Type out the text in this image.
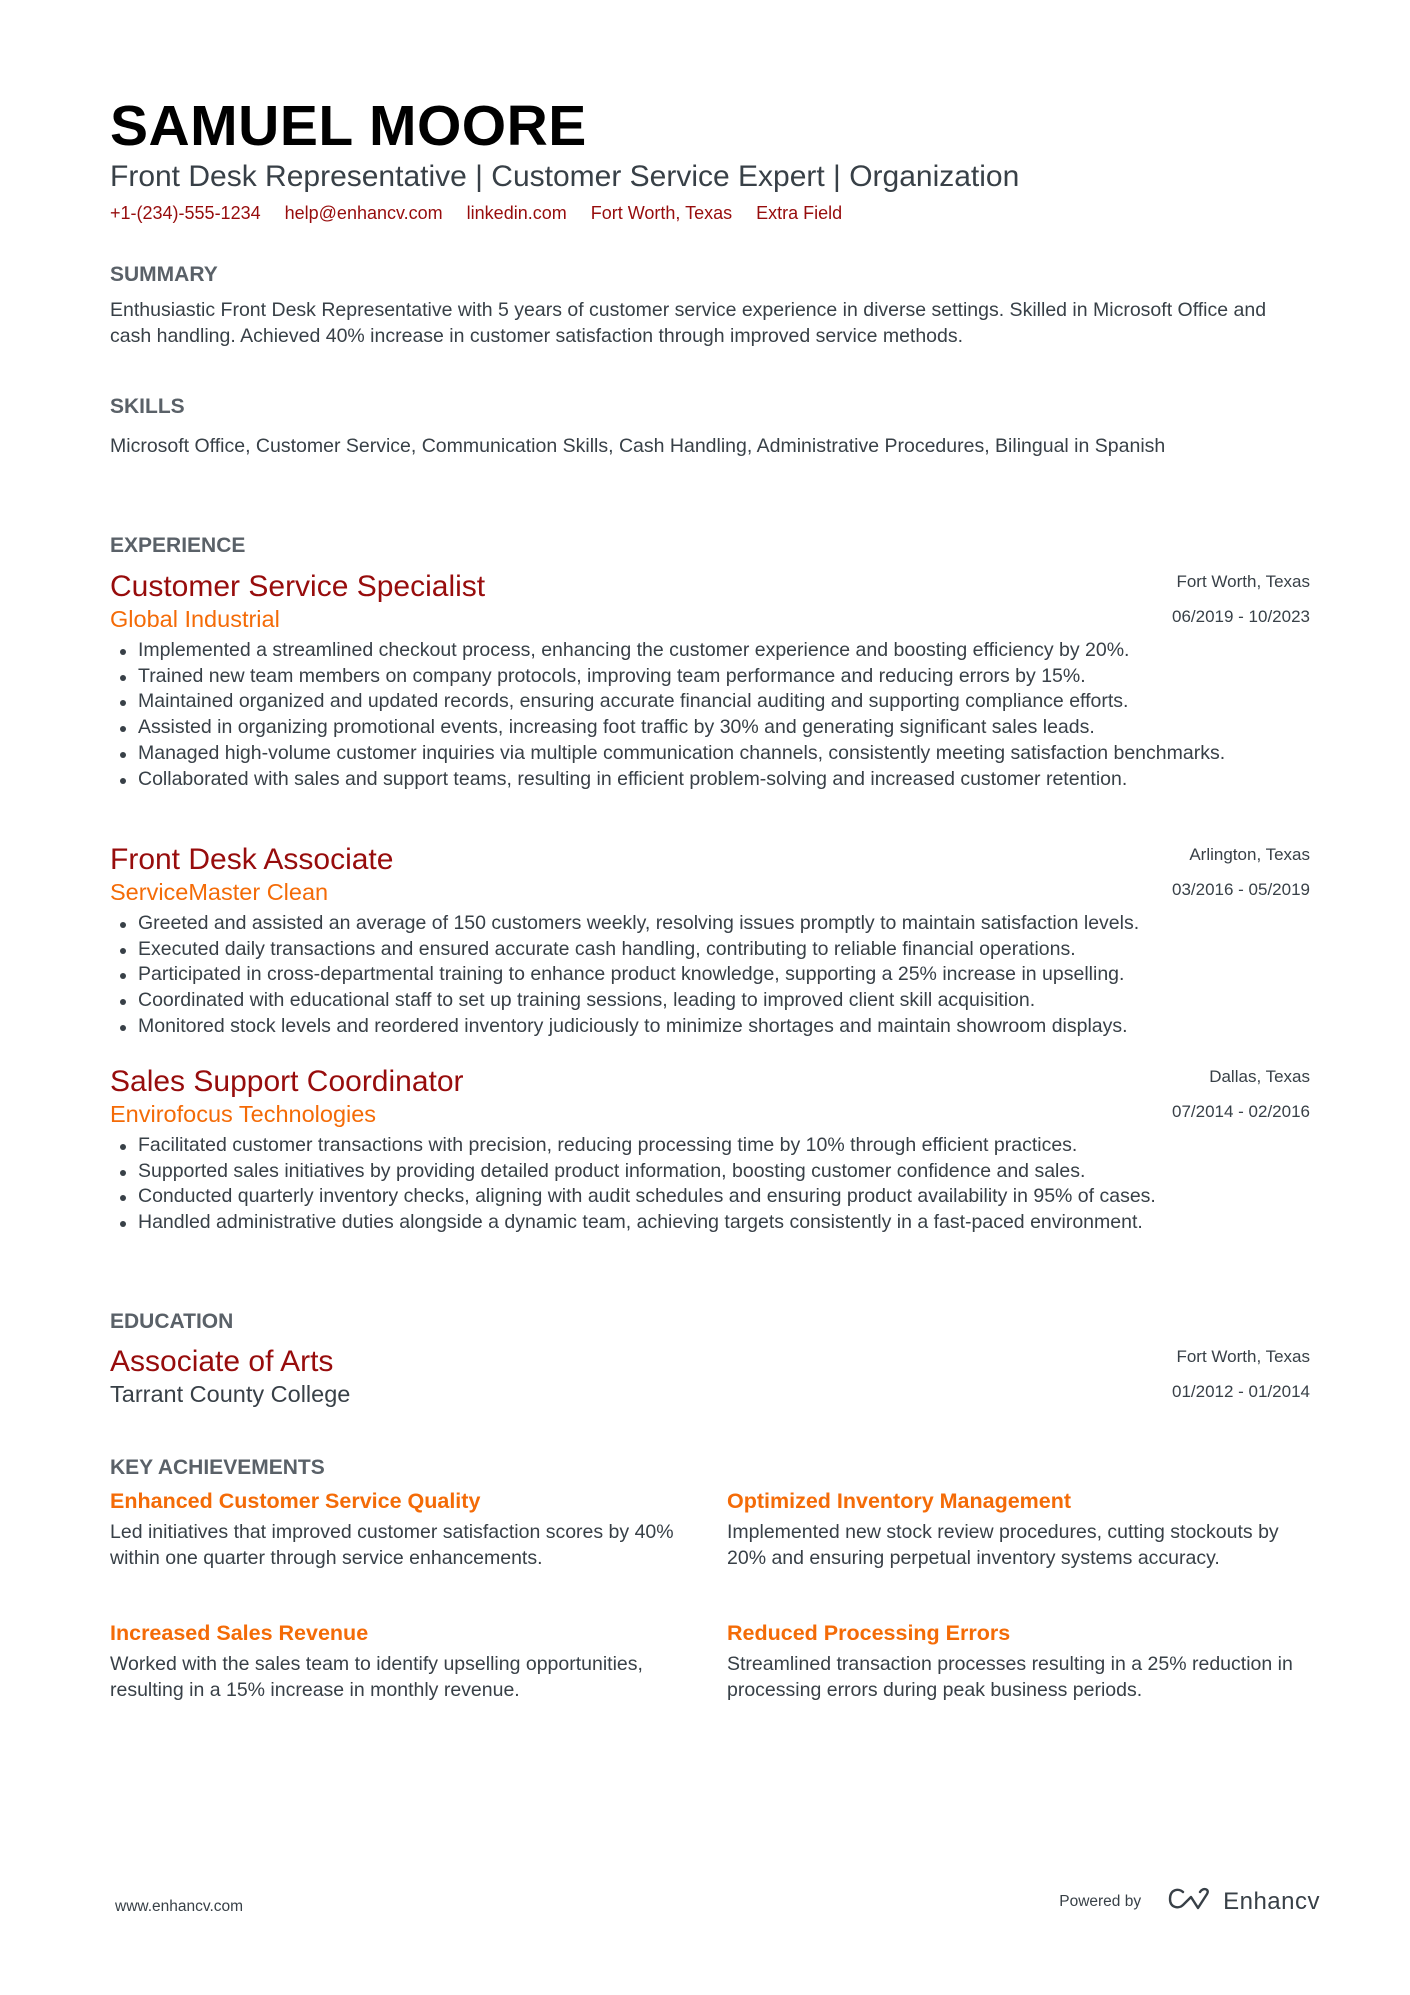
SAMUEL MOORE
Front Desk Representative | Customer Service Expert | Organization
+1-(234)-555-1234 help@enhancv.com linkedin.com Fort Worth, Texas Extra Field
SUMMARY
Enthusiastic Front Desk Representative with 5 years of customer service experience in diverse settings. Skilled in Microsoft Office and cash handling. Achieved 40% increase in customer satisfaction through improved service methods.
SKILLS
Microsoft Office, Customer Service, Communication Skills, Cash Handling, Administrative Procedures, Bilingual in Spanish
EXPERIENCE
Customer Service Specialist
Global Industrial
Fort Worth, Texas
06/2019 - 10/2023
Implemented a streamlined checkout process, enhancing the customer experience and boosting efficiency by 20%.
Trained new team members on company protocols, improving team performance and reducing errors by 15%.
Maintained organized and updated records, ensuring accurate financial auditing and supporting compliance efforts.
Assisted in organizing promotional events, increasing foot traffic by 30% and generating significant sales leads.
Managed high-volume customer inquiries via multiple communication channels, consistently meeting satisfaction benchmarks.
Collaborated with sales and support teams, resulting in efficient problem-solving and increased customer retention.
Front Desk Associate
ServiceMaster Clean
Arlington, Texas
03/2016 - 05/2019
Greeted and assisted an average of 150 customers weekly, resolving issues promptly to maintain satisfaction levels.
Executed daily transactions and ensured accurate cash handling, contributing to reliable financial operations.
Participated in cross-departmental training to enhance product knowledge, supporting a 25% increase in upselling.
Coordinated with educational staff to set up training sessions, leading to improved client skill acquisition.
Monitored stock levels and reordered inventory judiciously to minimize shortages and maintain showroom displays.
Sales Support Coordinator
Envirofocus Technologies
Dallas, Texas
07/2014 - 02/2016
Facilitated customer transactions with precision, reducing processing time by 10% through efficient practices.
Supported sales initiatives by providing detailed product information, boosting customer confidence and sales.
Conducted quarterly inventory checks, aligning with audit schedules and ensuring product availability in 95% of cases.
Handled administrative duties alongside a dynamic team, achieving targets consistently in a fast-paced environment.
EDUCATION
Associate of Arts
Tarrant County College
Fort Worth, Texas
01/2012 - 01/2014
KEY ACHIEVEMENTS
Enhanced Customer Service Quality
Led initiatives that improved customer satisfaction scores by 40% within one quarter through service enhancements.
Optimized Inventory Management
Implemented new stock review procedures, cutting stockouts by 20% and ensuring perpetual inventory systems accuracy.
Increased Sales Revenue
Worked with the sales team to identify upselling opportunities, resulting in a 15% increase in monthly revenue.
Reduced Processing Errors
Streamlined transaction processes resulting in a 25% reduction in processing errors during peak business periods.
www.enhancv.com	Powered by	Enhancv
